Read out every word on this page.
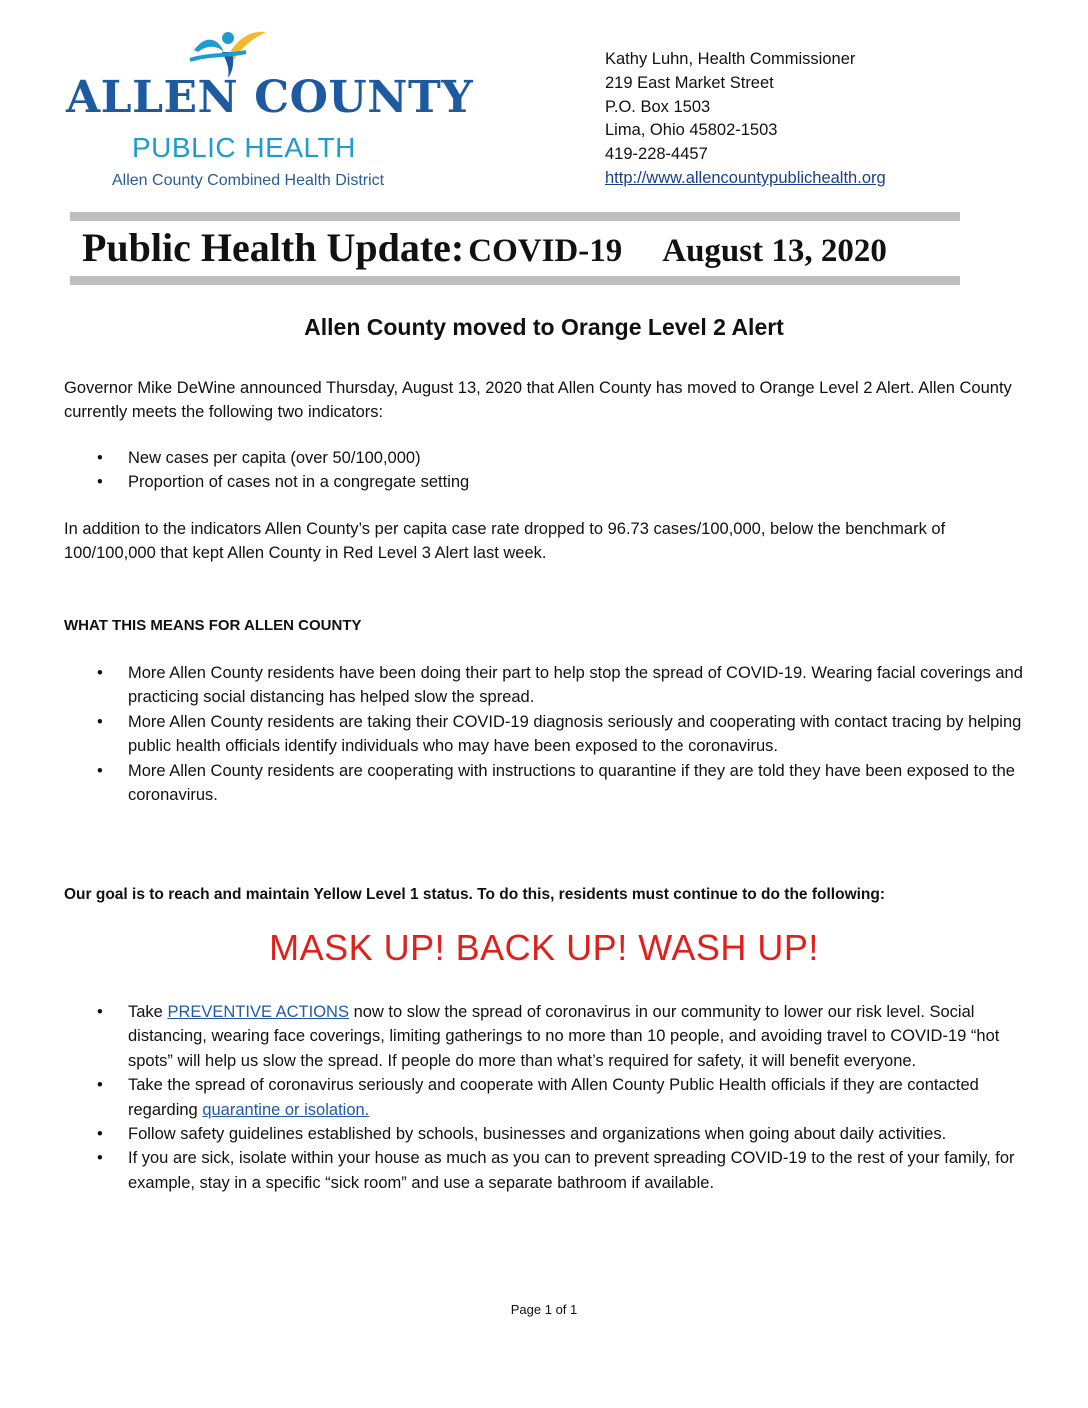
ALLEN COUNTY
PUBLIC HEALTH
Allen County Combined Health District
Kathy Luhn, Health Commissioner
219 East Market Street
P.O. Box 1503
Lima, Ohio 45802-1503
419-228-4457
http://www.allencountypublichealth.org
Public Health Update: COVID-19 August 13, 2020
Allen County moved to Orange Level 2 Alert

Governor Mike DeWine announced Thursday, August 13, 2020 that Allen County has moved to Orange Level 2 Alert. Allen County currently meets the following two indicators:

• New cases per capita (over 50/100,000)
• Proportion of cases not in a congregate setting

In addition to the indicators Allen County’s per capita case rate dropped to 96.73 cases/100,000, below the benchmark of 100/100,000 that kept Allen County in Red Level 3 Alert last week.

WHAT THIS MEANS FOR ALLEN COUNTY
• More Allen County residents have been doing their part to help stop the spread of COVID-19. Wearing facial coverings and practicing social distancing has helped slow the spread.
• More Allen County residents are taking their COVID-19 diagnosis seriously and cooperating with contact tracing by helping public health officials identify individuals who may have been exposed to the coronavirus.
• More Allen County residents are cooperating with instructions to quarantine if they are told they have been exposed to the coronavirus.
Our goal is to reach and maintain Yellow Level 1 status. To do this, residents must continue to do the following:
MASK UP! BACK UP! WASH UP!
• Take PREVENTIVE ACTIONS now to slow the spread of coronavirus in our community to lower our risk level. Social distancing, wearing face coverings, limiting gatherings to no more than 10 people, and avoiding travel to COVID-19 “hot spots” will help us slow the spread. If people do more than what’s required for safety, it will benefit everyone.
• Take the spread of coronavirus seriously and cooperate with Allen County Public Health officials if they are contacted regarding quarantine or isolation.
• Follow safety guidelines established by schools, businesses and organizations when going about daily activities.
• If you are sick, isolate within your house as much as you can to prevent spreading COVID-19 to the rest of your family, for example, stay in a specific “sick room” and use a separate bathroom if available.
Page 1 of 1
